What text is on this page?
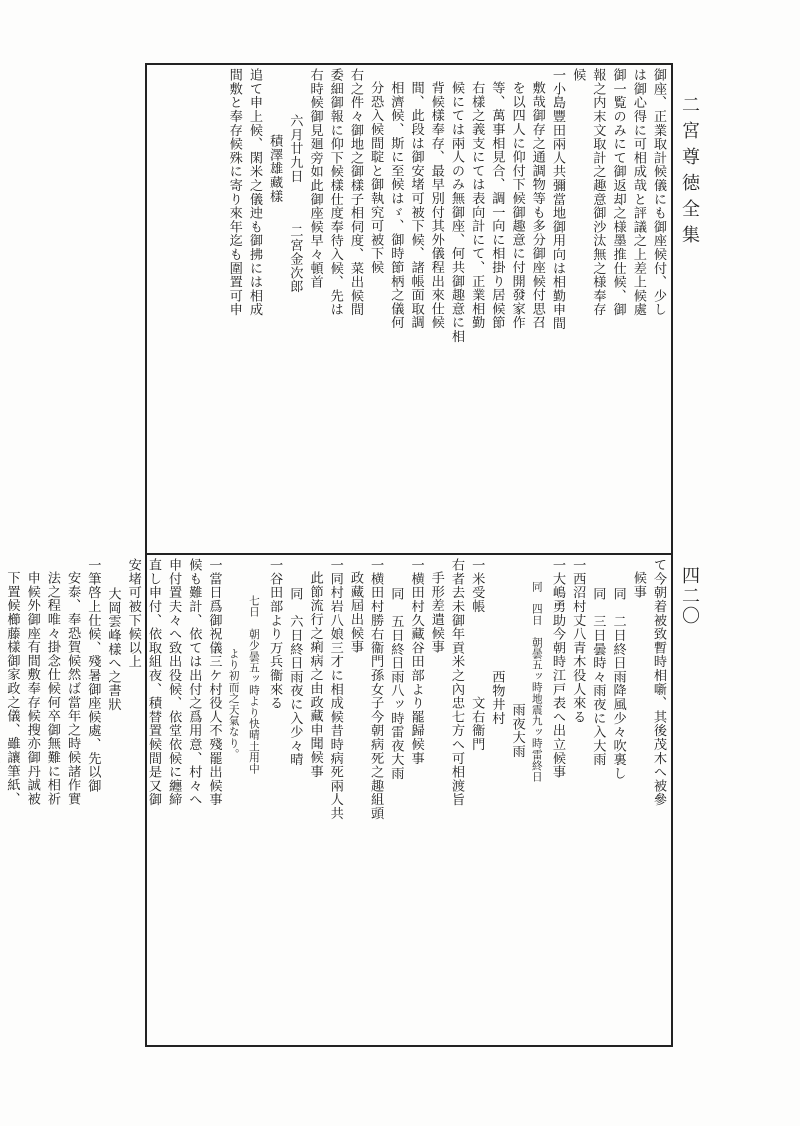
二宮尊徳全集
四二〇
御座、正業取計候儀にも御座候付、少し
は御心得に可相成哉と評議之上差上候處
御一覧のみにて御返却之様墨推仕候、御
報之内末文取計之趣意御沙汰無之様奉存
候
一小島豐田兩人共彌當地御用向は相勤申間
敷哉御存之通調物等も多分御座候付思召
を以四人に仰付下候御趣意に付開發家作
等、萬事相見合、調一向に相掛り居候節
右樣之義支にては表向計にて、正業相勤
候にては兩人のみ無御座、何共御趣意に相
背候樣奉存、最早別付其外儀程出來仕候
間、此段は御安堵可被下候、諸帳面取調
相濟候、斯に至候はゞ、御時節柄之儀何
分恐入候間聢と御執究可被下候
右之件々御地之御樣子相伺度、菜出候間
委細御報に仰下候樣仕度奉待入候、先は
右時候御見廻旁如此御座候早々頓首
六月廿九日　　　二宮金次郎
積澤雄藏樣
追て申上候、閑米之儀迚も御拂には相成
間敷と奉存候殊に寄り來年迄も圍置可申
て今朝着被致暫時相噺、其後茂木へ被參
候事
同　二日終日雨降風少々吹裏し
同　三日曇時々雨夜に入大雨
一西沼村丈八青木役人來る
一大嶋勇助今朝時江戸表へ出立候事
同　四日　朝曇五ッ時地震九ッ時雷終日
雨夜大雨
西物井村
一米受帳　　　　　　文右衞門
右者去未御年貢米之內忠七方へ可相渡旨
手形差遣候事
一横田村久藏谷田部より罷歸候事
同　五日終日雨八ッ時雷夜大雨
一横田村勝右衞門孫女子今朝病死之趣組頭
政藏屆出候事
一同村岩八娘三才に相成候昔時病死兩人共
此節流行之痢病之由政藏申聞候事
同　六日終日雨夜に入少々晴
一谷田部より万兵衞來る
七日　朝少曇五ッ時より快晴土用中
より初而之天氣なり。
一當日爲御祝儀三ケ村役人不殘罷出候事
候も難計、依ては出付之爲用意、村々へ
申付置夫々へ致出役候、依堂依候に纏締
直し申付、依取組夜、積替置候間是又御
安堵可被下候以上
大岡雲峰樣へ之書狀
一筆啓上仕候、殘暑御座候處、先以御
安泰、奉恐賀候然ば當年之時候諸作實
法之程唯々掛念仕候何卒御無難に相祈
申候外御座有間敷奉存候搜亦御丹誠被
下置候櫛藤樣御家政之儀、雖讓筆紙、
